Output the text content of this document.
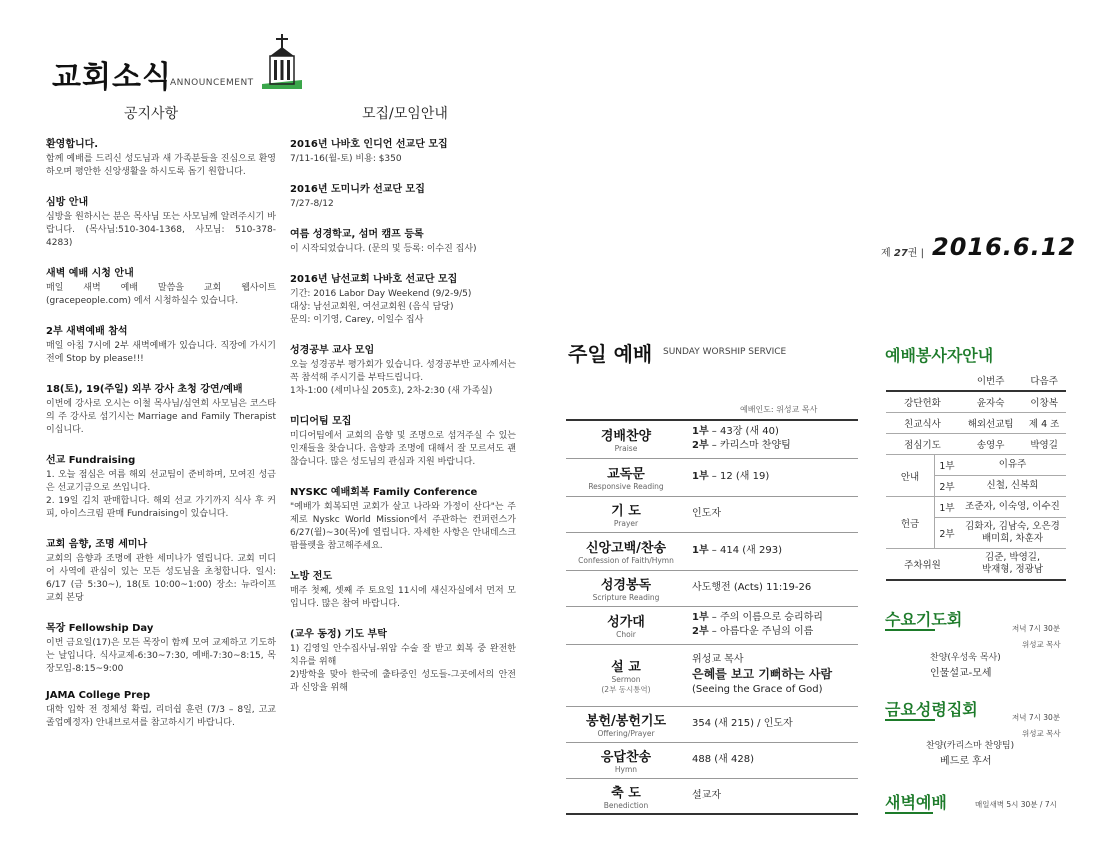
교회소식
ANNOUNCEMENT
공지사항	모집/모임안내
환영합니다.

함께 예배를 드리신 성도님과 새 가족분들을 진심으로 환영하오며 평안한 신앙생활을 하시도록 돕기 원합니다.

심방 안내

심방을 원하시는 분은 목사님 또는 사모님께 알려주시기 바랍니다. (목사님:510-304-1368, 사모님: 510-378-4283)

새벽 예배 시청 안내

매일 새벽 예배 말씀을 교회 웹사이트 (gracepeople.com) 에서 시청하실수 있습니다.

2부 새벽예배 참석

매일 아침 7시에 2부 새벽예배가 있습니다. 직장에 가시기 전에 Stop by please!!!

18(토), 19(주일) 외부 강사 초청 강연/예배

이번에 강사로 오시는 이철 목사님/심연희 사모님은 코스타의 주 강사로 섬기시는 Marriage and Family Therapist 이십니다.

선교 Fundraising

1. 오늘 점심은 여름 해외 선교팀이 준비하며, 모여진 성금은 선교기금으로 쓰입니다.
2. 19일 김치 판매합니다. 해외 선교 가기까지 식사 후 커피, 아이스크림 판매 Fundraising이 있습니다.

교회 음향, 조명 세미나

교회의 음향과 조명에 관한 세미나가 열립니다. 교회 미디어 사역에 관심이 있는 모든 성도님을 초청합니다. 일시: 6/17 (금 5:30~), 18(토 10:00~1:00) 장소: 뉴라이프 교회 본당

목장 Fellowship Day

이번 금요일(17)은 모든 목장이 함께 모여 교제하고 기도하는 날입니다. 식사교제-6:30~7:30, 예배-7:30~8:15, 목장모임-8:15~9:00

JAMA College Prep

대학 입학 전 정체성 확립, 리더쉽 훈련 (7/3 – 8일, 고교 졸업예정자) 안내브로셔를 참고하시기 바랍니다.

2016년 나바호 인디언 선교단 모집

7/11-16(월-토) 비용: $350

2016년 도미니카 선교단 모집

7/27-8/12

여름 성경학교, 섬머 캠프 등록

이 시작되었습니다. (문의 및 등록: 이수진 집사)

2016년 남선교회 나바호 선교단 모집

기간: 2016 Labor Day Weekend (9/2-9/5)
대상: 남선교회원, 여선교회원 (음식 담당)
문의: 이기영, Carey, 이일수 집사

성경공부 교사 모임

오늘 성경공부 평가회가 있습니다. 성경공부반 교사께서는 꼭 참석해 주시기를 부탁드립니다.
1차-1:00 (세미나실 205호), 2차-2:30 (새 가족실)

미디어팀 모집

미디어팀에서 교회의 음향 및 조명으로 섬겨주실 수 있는 인재들을 찾습니다. 음향과 조명에 대해서 잘 모르셔도 괜찮습니다. 많은 성도님의 관심과 지원 바랍니다.

NYSKC 예배회복 Family Conference

"예배가 회복되면 교회가 살고 나라와 가정이 산다"는 주제로 Nyskc World Mission에서 주관하는 컨퍼런스가 6/27(월)~30(목)에 열립니다. 자세한 사항은 안내데스크 팜플렛을 참고해주세요.

노방 전도

매주 첫째, 셋째 주 토요일 11시에 새신자실에서 먼저 모입니다. 많은 참여 바랍니다.

(교우 동정) 기도 부탁

1) 김영일 안수집사님-위암 수술 잘 받고 회복 중 완전한 치유를 위해
2)방학을 맞아 한국에 출타중인 성도들-그곳에서의 안전과 신앙을 위해

제 27권 | 2016.6.12
주일 예배 SUNDAY WORSHIP SERVICE
예배인도: 위성교 목사
경배찬양
Praise	1부 – 43장 (새 40)
2부 – 카리스마 찬양팀

교독문
Responsive Reading	1부 – 12 (새 19)

기 도
Prayer	인도자

신앙고백/찬송
Confession of Faith/Hymn	1부 – 414 (새 293)

성경봉독
Scripture Reading	사도행전 (Acts) 11:19-26

성가대
Choir	1부 – 주의 이름으로 승리하리
2부 – 아름다운 주님의 이름

설 교
Sermon
(2부 동시통역)	위성교 목사
은혜를 보고 기뻐하는 사람
(Seeing the Grace of God)

봉헌/봉헌기도
Offering/Prayer	354 (새 215) / 인도자

응답찬송
Hymn	488 (새 428)

축 도
Benediction	설교자
예배봉사자안내
		이번주	다음주
강단헌화		윤자숙	이창복
친교식사		해외선교팀	제 4 조
점심기도		송영우	박영길
안내	1부	이유주	
	2부	신철, 신복희	
헌금	1부	조준자, 이숙영, 이수진	
	2부	김화자, 김남숙, 오은경
배미희, 차훈자	
주차위원		김준, 박영길,
박재형, 정광남	
수요기도회	저녁 7시 30분
위성교 목사
찬양(우성욱 목사)
인물설교-모세
금요성령집회	저녁 7시 30분
위성교 목사
찬양(카리스마 찬양팀)
베드로 후서
새벽예배	매일새벽 5시 30분 / 7시
